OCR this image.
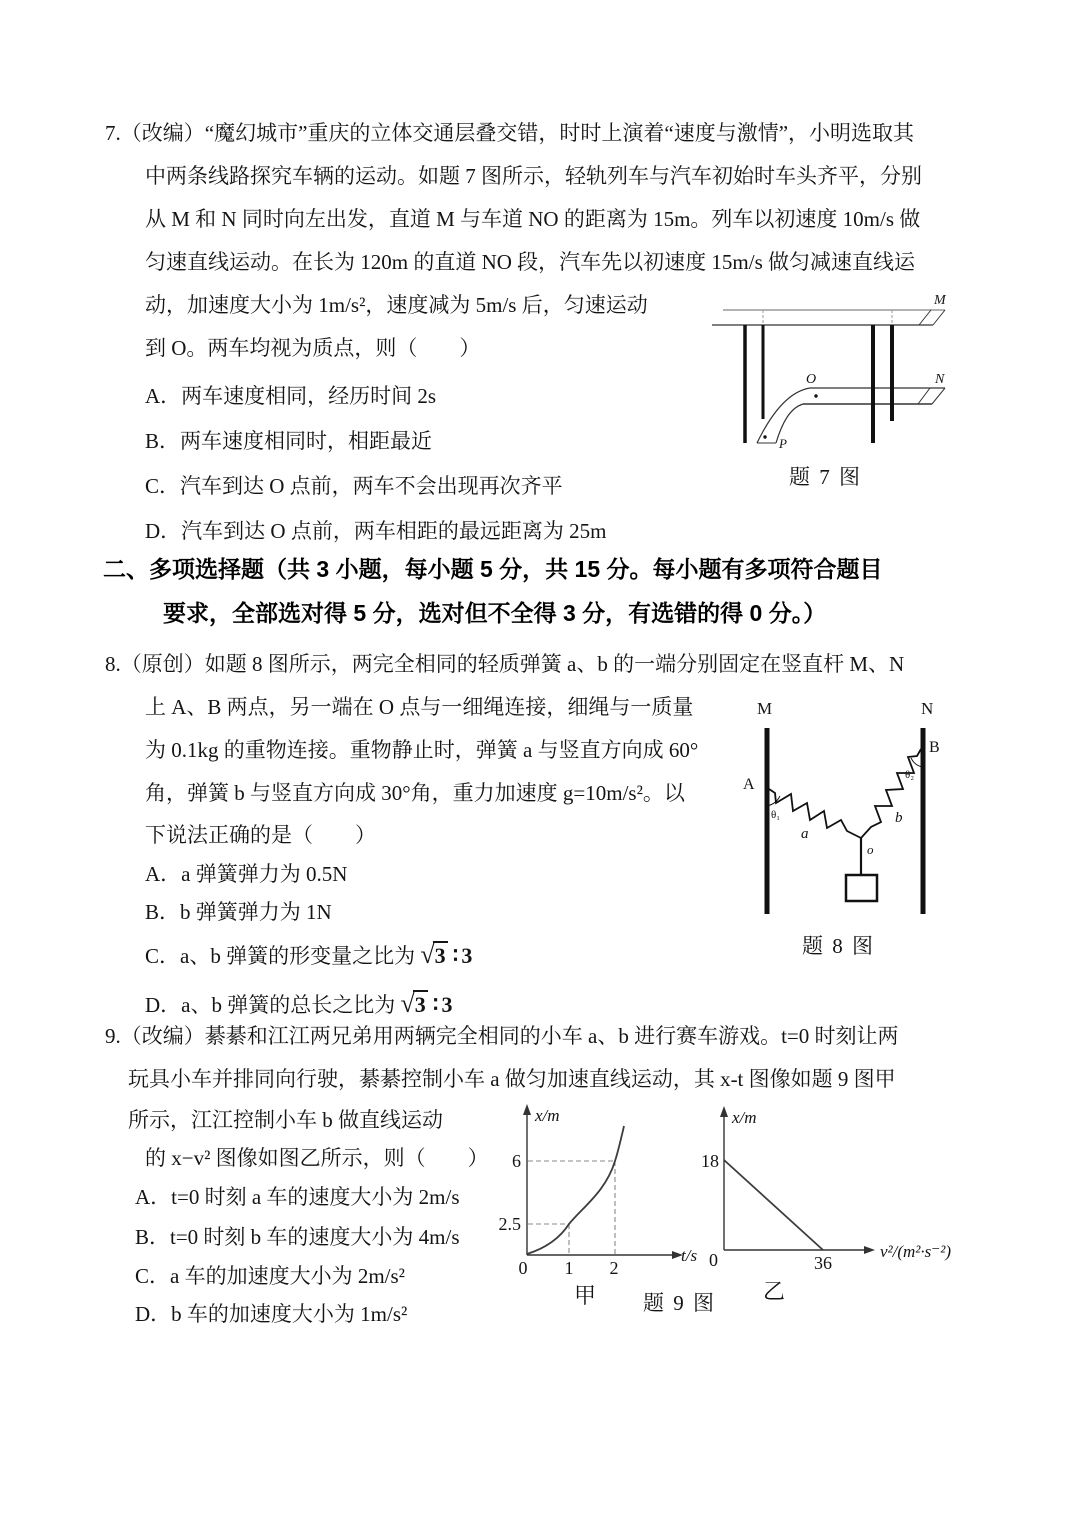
7.（改编）“魔幻城市”重庆的立体交通层叠交错，时时上演着“速度与激情”，小明选取其
中两条线路探究车辆的运动。如题 7 图所示，轻轨列车与汽车初始时车头齐平，分别
从 M 和 N 同时向左出发，直道 M 与车道 NO 的距离为 15m。列车以初速度 10m/s 做
匀速直线运动。在长为 120m 的直道 NO 段，汽车先以初速度 15m/s 做匀减速直线运
动，加速度大小为 1m/s²，速度减为 5m/s 后，匀速运动
到 O。两车均视为质点，则（　　）
A．两车速度相同，经历时间 2s
B．两车速度相同时，相距最近
C．汽车到达 O 点前，两车不会出现再次齐平
D．汽车到达 O 点前，两车相距的最远距离为 25m
M
N
O
P
题 7 图
二、多项选择题（共 3 小题，每小题 5 分，共 15 分。每小题有多项符合题目
要求，全部选对得 5 分，选对但不全得 3 分，有选错的得 0 分。）
8.（原创）如题 8 图所示，两完全相同的轻质弹簧 a、b 的一端分别固定在竖直杆 M、N
上 A、B 两点，另一端在 O 点与一细绳连接，细绳与一质量
为 0.1kg 的重物连接。重物静止时，弹簧 a 与竖直方向成 60°
角，弹簧 b 与竖直方向成 30°角，重力加速度 g=10m/s²。以
下说法正确的是（　　）
A．a 弹簧弹力为 0.5N
B．b 弹簧弹力为 1N
C．a、b 弹簧的形变量之比为 √3 ∶3
D．a、b 弹簧的总长之比为 √3 ∶3
M	N
A
B
θ₁
θ₂
a
b
o
题 8 图
9.（改编）綦綦和江江两兄弟用两辆完全相同的小车 a、b 进行赛车游戏。t=0 时刻让两
玩具小车并排同向行驶，綦綦控制小车 a 做匀加速直线运动，其 x-t 图像如题 9 图甲
所示，江江控制小车 b 做直线运动
的 x−v² 图像如图乙所示，则（　　）
A．t=0 时刻 a 车的速度大小为 2m/s
B．t=0 时刻 b 车的速度大小为 4m/s
C．a 车的加速度大小为 2m/s²
D．b 车的加速度大小为 1m/s²
x/m
6
2.5
0 1 2
t/s
x/m
18
0	36
v²/(m²·s⁻²)
甲	乙
题 9 图
